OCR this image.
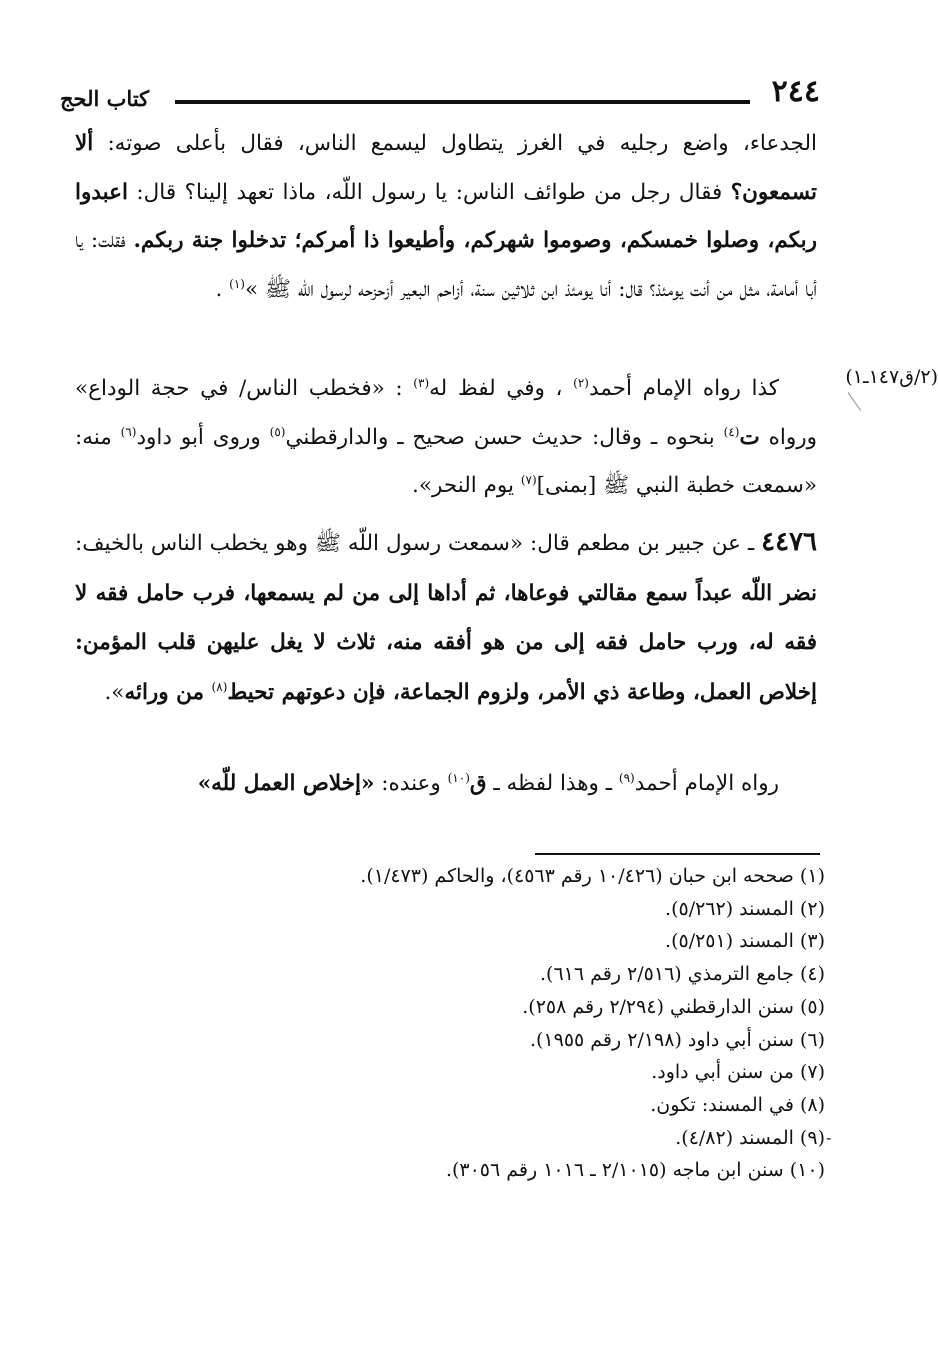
٢٤٤
كتاب الحج
(٢/ق١٤٧ـ١)

الجدعاء، واضع رجليه في الغرز يتطاول ليسمع الناس، فقال بأعلى صوته: ألا تسمعون؟ فقال رجل من طوائف الناس: يا رسول اللّه، ماذا تعهد إلينا؟ قال: اعبدوا ربكم، وصلوا خمسكم، وصوموا شهركم، وأطيعوا ذا أمركم؛ تدخلوا جنة ربكم. فقلت: يا أبا أمامة، مثل من أنت يومئذ؟ قال: أنا يومئذ ابن ثلاثين سنة، أزاحم البعير أزحزحه لرسول اللّه ﷺ »$^{(١)}$ .

كذا رواه الإمام أحمد$^{(٢)}$ ، وفي لفظ له$^{(٣)}$ : «فخطب الناس/ في حجة الوداع» ورواه ت$^{(٤)}$ بنحوه ـ وقال: حديث حسن صحيح ـ والدارقطني$^{(٥)}$ وروى أبو داود$^{(٦)}$ منه: «سمعت خطبة النبي ﷺ [بمنى]$^{(٧)}$ يوم النحر».

٤٤٧٦ ـ عن جبير بن مطعم قال: «سمعت رسول اللّه ﷺ وهو يخطب الناس بالخيف: نضر اللّه عبداً سمع مقالتي فوعاها، ثم أداها إلى من لم يسمعها، فرب حامل فقه لا فقه له، ورب حامل فقه إلى من هو أفقه منه، ثلاث لا يغل عليهن قلب المؤمن: إخلاص العمل، وطاعة ذي الأمر، ولزوم الجماعة، فإن دعوتهم تحيط$^{(٨)}$ من ورائه».

رواه الإمام أحمد$^{(٩)}$ ـ وهذا لفظه ـ ق$^{(١٠)}$ وعنده: «إخلاص العمل للّه»

(١) صححه ابن حبان (١٠/٤٢٦ رقم ٤٥٦٣)، والحاكم (١/٤٧٣).
(٢) المسند (٥/٢٦٢).
(٣) المسند (٥/٢٥١).
(٤) جامع الترمذي (٢/٥١٦ رقم ٦١٦).
(٥) سنن الدارقطني (٢/٢٩٤ رقم ٢٥٨).
(٦) سنن أبي داود (٢/١٩٨ رقم ١٩٥٥).
(٧) من سنن أبي داود.
(٨) في المسند: تكون.
(٩) المسند (٤/٨٢).
(١٠) سنن ابن ماجه (٢/١٠١٥ ـ ١٠١٦ رقم ٣٠٥٦).
-
